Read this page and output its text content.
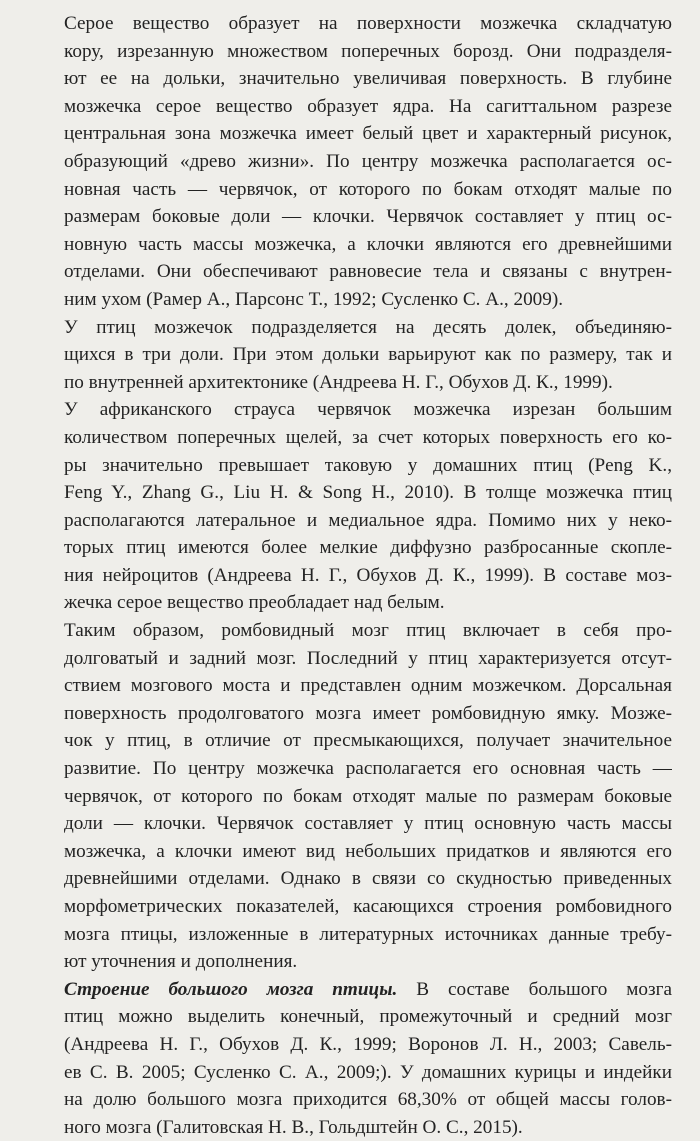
Серое вещество образует на поверхности мозжечка складчатую
кору, изрезанную множеством поперечных борозд. Они подразделя-
ют ее на дольки, значительно увеличивая поверхность. В глубине
мозжечка серое вещество образует ядра. На сагиттальном разрезе
центральная зона мозжечка имеет белый цвет и характерный рисунок,
образующий «древо жизни». По центру мозжечка располагается ос-
новная часть — червячок, от которого по бокам отходят малые по
размерам боковые доли — клочки. Червячок составляет у птиц ос-
новную часть массы мозжечка, а клочки являются его древнейшими
отделами. Они обеспечивают равновесие тела и связаны с внутрен-
ним ухом (Рамер А., Парсонс Т., 1992; Сусленко С. А., 2009).

У птиц мозжечок подразделяется на десять долек, объединяю-
щихся в три доли. При этом дольки варьируют как по размеру, так и
по внутренней архитектонике (Андреева Н. Г., Обухов Д. К., 1999).

У африканского страуса червячок мозжечка изрезан большим
количеством поперечных щелей, за счет которых поверхность его ко-
ры значительно превышает таковую у домашних птиц (Peng K.,
Feng Y., Zhang G., Liu H. & Song H., 2010). В толще мозжечка птиц
располагаются латеральное и медиальное ядра. Помимо них у неко-
торых птиц имеются более мелкие диффузно разбросанные скопле-
ния нейроцитов (Андреева Н. Г., Обухов Д. К., 1999). В составе моз-
жечка серое вещество преобладает над белым.

Таким образом, ромбовидный мозг птиц включает в себя про-
долговатый и задний мозг. Последний у птиц характеризуется отсут-
ствием мозгового моста и представлен одним мозжечком. Дорсальная
поверхность продолговатого мозга имеет ромбовидную ямку. Мозже-
чок у птиц, в отличие от пресмыкающихся, получает значительное
развитие. По центру мозжечка располагается его основная часть —
червячок, от которого по бокам отходят малые по размерам боковые
доли — клочки. Червячок составляет у птиц основную часть массы
мозжечка, а клочки имеют вид небольших придатков и являются его
древнейшими отделами. Однако в связи со скудностью приведенных
морфометрических показателей, касающихся строения ромбовидного
мозга птицы, изложенные в литературных источниках данные требу-
ют уточнения и дополнения.

Строение большого мозга птицы. В составе большого мозга
птиц можно выделить конечный, промежуточный и средний мозг
(Андреева Н. Г., Обухов Д. К., 1999; Воронов Л. Н., 2003; Савель-
ев С. В. 2005; Сусленко С. А., 2009;). У домашних курицы и индейки
на долю большого мозга приходится 68,30% от общей массы голов-
ного мозга (Галитовская Н. В., Гольдштейн О. С., 2015).
